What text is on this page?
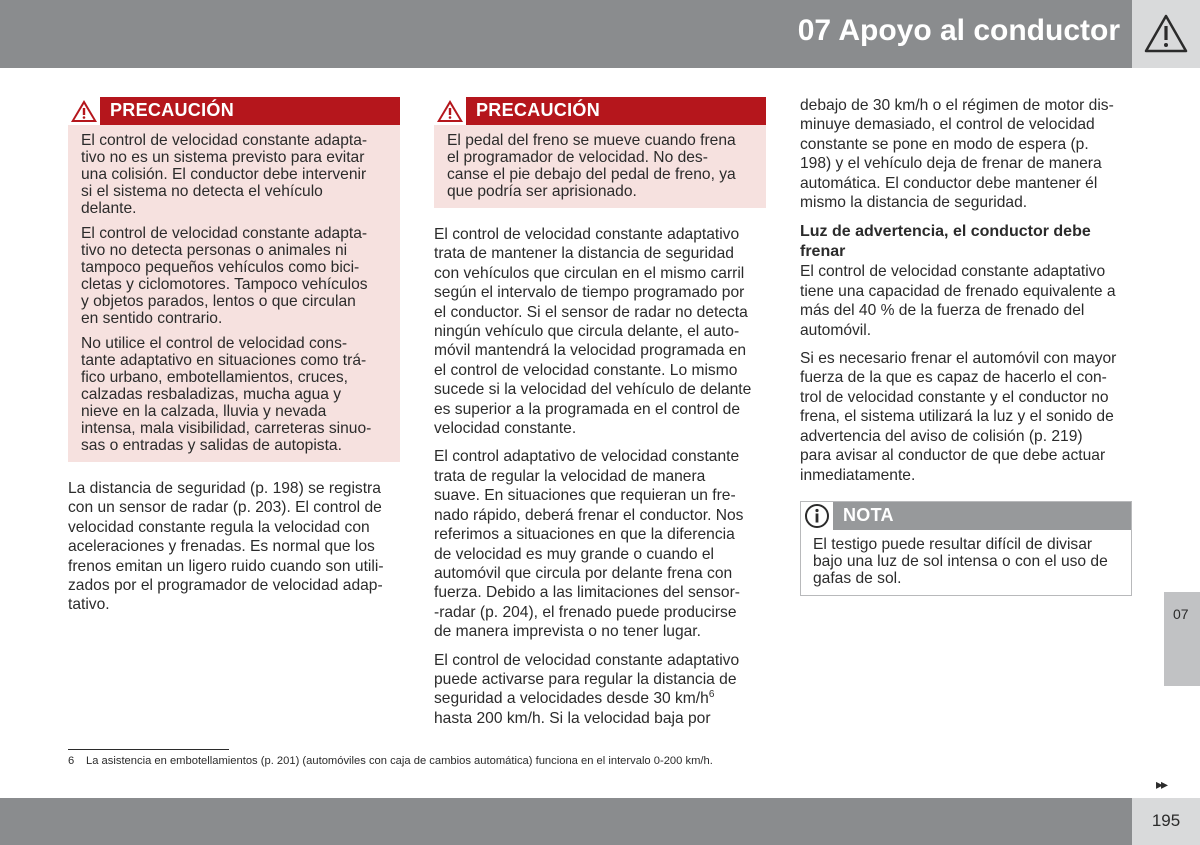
07 Apoyo al conductor
PRECAUCIÓN

El control de velocidad constante adapta-
tivo no es un sistema previsto para evitar
una colisión. El conductor debe intervenir
si el sistema no detecta el vehículo
delante.

El control de velocidad constante adapta-
tivo no detecta personas o animales ni
tampoco pequeños vehículos como bici-
cletas y ciclomotores. Tampoco vehículos
y objetos parados, lentos o que circulan
en sentido contrario.

No utilice el control de velocidad cons-
tante adaptativo en situaciones como trá-
fico urbano, embotellamientos, cruces,
calzadas resbaladizas, mucha agua y
nieve en la calzada, lluvia y nevada
intensa, mala visibilidad, carreteras sinuo-
sas o entradas y salidas de autopista.

La distancia de seguridad (p. 198) se registra
con un sensor de radar (p. 203). El control de
velocidad constante regula la velocidad con
aceleraciones y frenadas. Es normal que los
frenos emitan un ligero ruido cuando son utili-
zados por el programador de velocidad adap-
tativo.

PRECAUCIÓN

El pedal del freno se mueve cuando frena
el programador de velocidad. No des-
canse el pie debajo del pedal de freno, ya
que podría ser aprisionado.

El control de velocidad constante adaptativo
trata de mantener la distancia de seguridad
con vehículos que circulan en el mismo carril
según el intervalo de tiempo programado por
el conductor. Si el sensor de radar no detecta
ningún vehículo que circula delante, el auto-
móvil mantendrá la velocidad programada en
el control de velocidad constante. Lo mismo
sucede si la velocidad del vehículo de delante
es superior a la programada en el control de
velocidad constante.

El control adaptativo de velocidad constante
trata de regular la velocidad de manera
suave. En situaciones que requieran un fre-
nado rápido, deberá frenar el conductor. Nos
referimos a situaciones en que la diferencia
de velocidad es muy grande o cuando el
automóvil que circula por delante frena con
fuerza. Debido a las limitaciones del sensor-
-radar (p. 204), el frenado puede producirse
de manera imprevista o no tener lugar.

El control de velocidad constante adaptativo
puede activarse para regular la distancia de
seguridad a velocidades desde 30 $km/h^6$
hasta 200 km/h. Si la velocidad baja por

debajo de 30 km/h o el régimen de motor dis-
minuye demasiado, el control de velocidad
constante se pone en modo de espera (p.
198) y el vehículo deja de frenar de manera
automática. El conductor debe mantener él
mismo la distancia de seguridad.

Luz de advertencia, el conductor debe
frenar

El control de velocidad constante adaptativo
tiene una capacidad de frenado equivalente a
más del 40 % de la fuerza de frenado del
automóvil.

Si es necesario frenar el automóvil con mayor
fuerza de la que es capaz de hacerlo el con-
trol de velocidad constante y el conductor no
frena, el sistema utilizará la luz y el sonido de
advertencia del aviso de colisión (p. 219)
para avisar al conductor de que debe actuar
inmediatamente.

NOTA
El testigo puede resultar difícil de divisar
bajo una luz de sol intensa o con el uso de
gafas de sol.
6 La asistencia en embotellamientos (p. 201) (automóviles con caja de cambios automática) funciona en el intervalo 0-200 km/h.
07
▸▸
195
